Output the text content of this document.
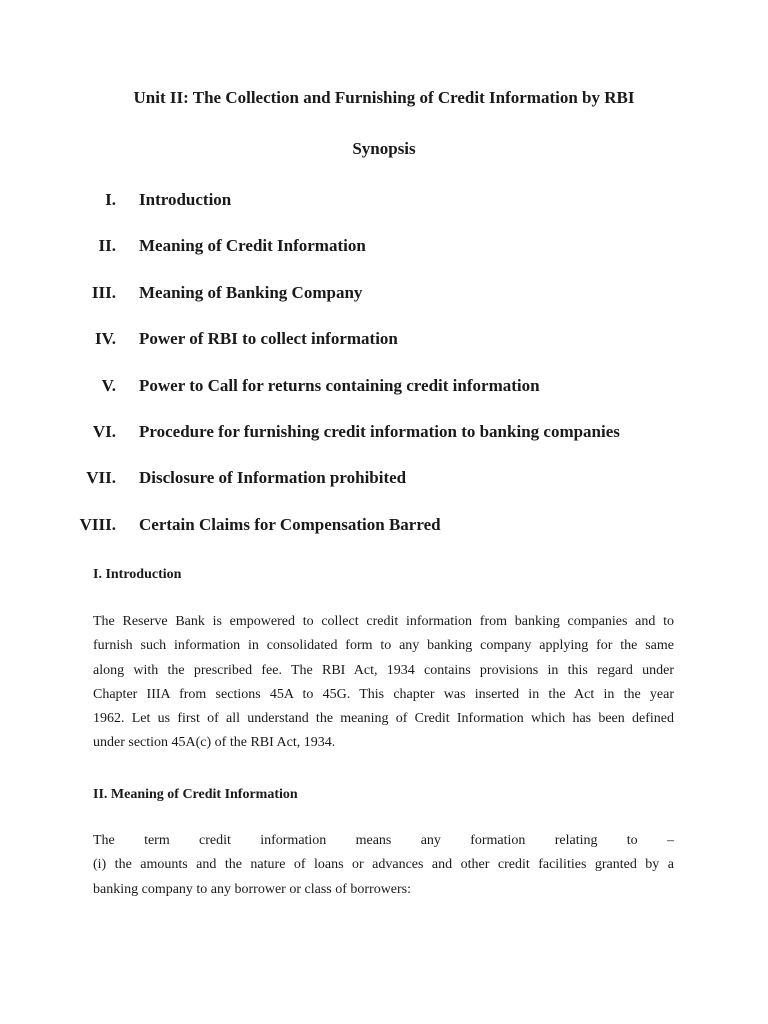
Unit II: The Collection and Furnishing of Credit Information by RBI
Synopsis
I. Introduction
II. Meaning of Credit Information
III. Meaning of Banking Company
IV. Power of RBI to collect information
V. Power to Call for returns containing credit information
VI. Procedure for furnishing credit information to banking companies
VII. Disclosure of Information prohibited
VIII. Certain Claims for Compensation Barred
I. Introduction

The Reserve Bank is empowered to collect credit information from banking companies and to
furnish such information in consolidated form to any banking company applying for the same
along with the prescribed fee. The RBI Act, 1934 contains provisions in this regard under
Chapter IIIA from sections 45A to 45G. This chapter was inserted in the Act in the year
1962. Let us first of all understand the meaning of Credit Information which has been defined
under section 45A(c) of the RBI Act, 1934.

II. Meaning of Credit Information

The term credit information means any formation relating to –
(i) the amounts and the nature of loans or advances and other credit facilities granted by a
banking company to any borrower or class of borrowers:
